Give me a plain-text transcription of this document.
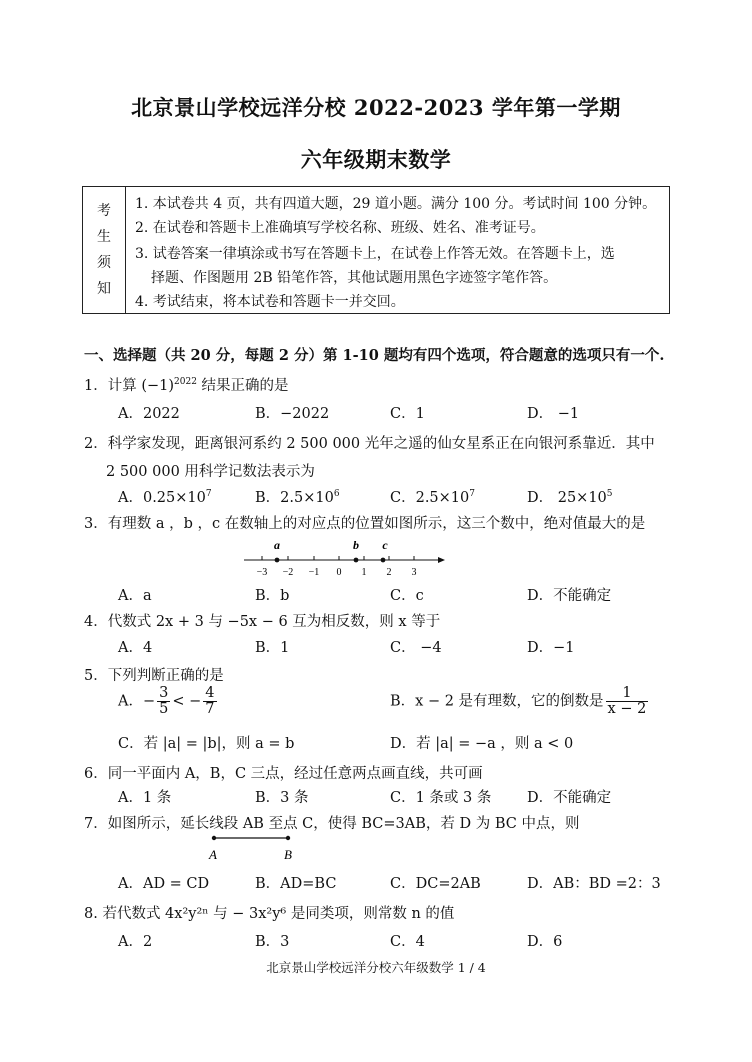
北京景山学校远洋分校 2022-2023 学年第一学期
六年级期末数学
考
生
须
知
1. 本试卷共 4 页，共有四道大题，29 道小题。满分 100 分。考试时间 100 分钟。
2. 在试卷和答题卡上准确填写学校名称、班级、姓名、准考证号。
3. 试卷答案一律填涂或书写在答题卡上，在试卷上作答无效。在答题卡上，选
择题、作图题用 2B 铅笔作答，其他试题用黑色字迹签字笔作答。
4. 考试结束，将本试卷和答题卡一并交回。
一、选择题（共 20 分，每题 2 分）第 1-10 题均有四个选项，符合题意的选项只有一个.
1．计算 $(-1)^{2022}$ 结果正确的是
A．2022	B．−2022	C．1	D． −1
2．科学家发现，距离银河系约 2 500 000 光年之遥的仙女星系正在向银河系靠近．其中
2 500 000 用科学记数法表示为
A．$0.25\times 10^7$	B．$2.5\times 10^6$	C．$2.5\times 10^7$	D． $25\times 10^5$
3．有理数 a ，b ，c 在数轴上的对应点的位置如图所示，这三个数中，绝对值最大的是
a	b c
−3 −2 −1 0 1 2 3
A．a	B．b	C．c	D．不能确定
4．代数式 2x + 3 与 −5x − 6 互为相反数，则 x 等于
A．4	B．1	C． −4	D．−1
5．下列判断正确的是
A．− $\frac{3}{5}$ < − $\frac{4}{7}$	B．x − 2 是有理数，它的倒数是 $\frac{1}{x - 2}$
C．若 |a| = |b|，则 a = b	D．若 |a| = −a ，则 a < 0
6．同一平面内 A，B，C 三点，经过任意两点画直线，共可画
A．1 条	B．3 条	C．1 条或 3 条 D．不能确定
7．如图所示，延长线段 AB 至点 C，使得 BC=3AB，若 D 为 BC 中点，则
A	B
A．AD = CD	B．AD=BC	C．DC=2AB	D．AB：BD =2：3
8. 若代数式 4x²y²ⁿ 与 − 3x²y⁶ 是同类项，则常数 n 的值
A．2	B．3	C．4	D．6
北京景山学校远洋分校六年级数学 1 / 4
